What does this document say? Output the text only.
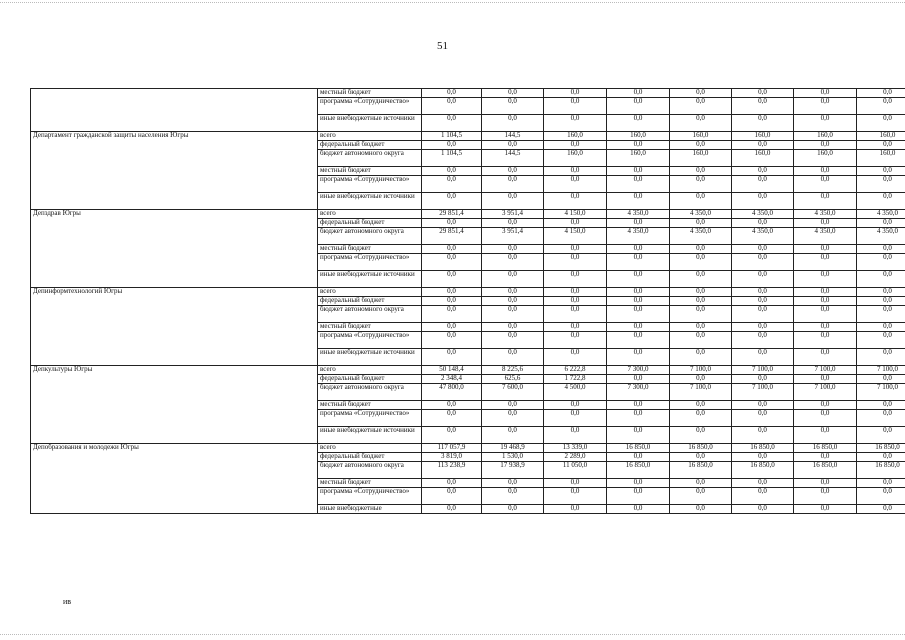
51
	местный бюджет	0,0	0,0	0,0	0,0	0,0	0,0	0,0	0,0
	программа «Сотрудничество»	0,0	0,0	0,0	0,0	0,0	0,0	0,0	0,0
	иные внебюджетные источники	0,0	0,0	0,0	0,0	0,0	0,0	0,0	0,0
Департамент гражданской защиты населения Югры	всего	1 104,5	144,5	160,0	160,0	160,0	160,0	160,0	160,0
	федеральный бюджет	0,0	0,0	0,0	0,0	0,0	0,0	0,0	0,0
	бюджет автономного округа	1 104,5	144,5	160,0	160,0	160,0	160,0	160,0	160,0
	местный бюджет	0,0	0,0	0,0	0,0	0,0	0,0	0,0	0,0
	программа «Сотрудничество»	0,0	0,0	0,0	0,0	0,0	0,0	0,0	0,0
	иные внебюджетные источники	0,0	0,0	0,0	0,0	0,0	0,0	0,0	0,0
Депздрав Югры	всего	29 851,4	3 951,4	4 150,0	4 350,0	4 350,0	4 350,0	4 350,0	4 350,0
	федеральный бюджет	0,0	0,0	0,0	0,0	0,0	0,0	0,0	0,0
	бюджет автономного округа	29 851,4	3 951,4	4 150,0	4 350,0	4 350,0	4 350,0	4 350,0	4 350,0
	местный бюджет	0,0	0,0	0,0	0,0	0,0	0,0	0,0	0,0
	программа «Сотрудничество»	0,0	0,0	0,0	0,0	0,0	0,0	0,0	0,0
	иные внебюджетные источники	0,0	0,0	0,0	0,0	0,0	0,0	0,0	0,0
Депинформтехнологий Югры	всего	0,0	0,0	0,0	0,0	0,0	0,0	0,0	0,0
	федеральный бюджет	0,0	0,0	0,0	0,0	0,0	0,0	0,0	0,0
	бюджет автономного округа	0,0	0,0	0,0	0,0	0,0	0,0	0,0	0,0
	местный бюджет	0,0	0,0	0,0	0,0	0,0	0,0	0,0	0,0
	программа «Сотрудничество»	0,0	0,0	0,0	0,0	0,0	0,0	0,0	0,0
	иные внебюджетные источники	0,0	0,0	0,0	0,0	0,0	0,0	0,0	0,0
Депкультуры Югры	всего	50 148,4	8 225,6	6 222,8	7 300,0	7 100,0	7 100,0	7 100,0	7 100,0
	федеральный бюджет	2 348,4	625,6	1 722,8	0,0	0,0	0,0	0,0	0,0
	бюджет автономного округа	47 800,0	7 600,0	4 500,0	7 300,0	7 100,0	7 100,0	7 100,0	7 100,0
	местный бюджет	0,0	0,0	0,0	0,0	0,0	0,0	0,0	0,0
	программа «Сотрудничество»	0,0	0,0	0,0	0,0	0,0	0,0	0,0	0,0
	иные внебюджетные источники	0,0	0,0	0,0	0,0	0,0	0,0	0,0	0,0
Депобразования и молодежи Югры	всего	117 057,9	19 468,9	13 339,0	16 850,0	16 850,0	16 850,0	16 850,0	16 850,0
	федеральный бюджет	3 819,0	1 530,0	2 289,0	0,0	0,0	0,0	0,0	0,0
	бюджет автономного округа	113 238,9	17 938,9	11 050,0	16 850,0	16 850,0	16 850,0	16 850,0	16 850,0
	местный бюджет	0,0	0,0	0,0	0,0	0,0	0,0	0,0	0,0
	программа «Сотрудничество»	0,0	0,0	0,0	0,0	0,0	0,0	0,0	0,0
	иные внебюджетные	0,0	0,0	0,0	0,0	0,0	0,0	0,0	0,0
ив
